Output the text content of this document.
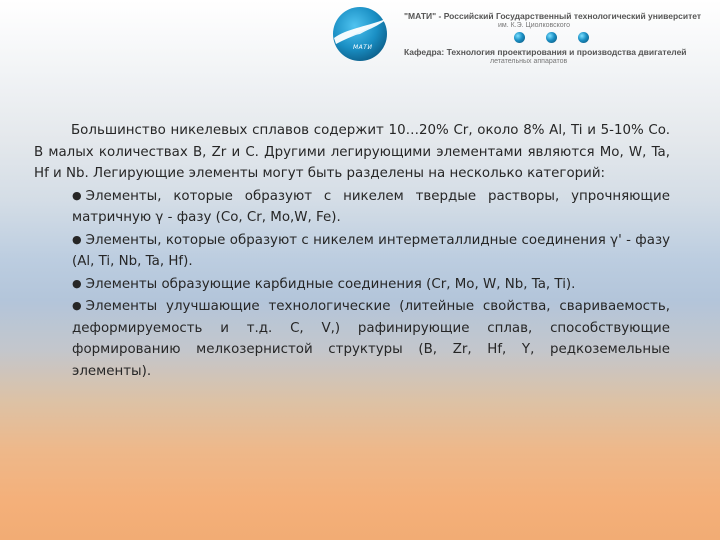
МАТИ
"МАТИ" - Российский Государственный технологический университет
им. К.Э. Циолковского
Кафедра: Технология проектирования и производства двигателей
летательных аппаратов

Большинство никелевых сплавов содержит 10…20% Cr, около 8% Al, Ti и 5-10% Co. В малых количествах B, Zr и C. Другими легирующими элементами являются Mo, W, Ta, Hf и Nb. Легирующие элементы могут быть разделены на несколько категорий:

● Элементы, которые образуют с никелем твердые растворы, упрочняющие матричную γ - фазу (Co, Cr, Mo,W, Fe).

● Элементы, которые образуют с никелем интерметаллидные соединения γ' - фазу (Al, Ti, Nb, Ta, Hf).

● Элементы образующие карбидные соединения (Cr, Mo, W, Nb, Ta, Ti).

● Элементы улучшающие технологические (литейные свойства, свариваемость, деформируемость и т.д. C, V,) рафинирующие сплав, способствующие формированию мелкозернистой структуры (B, Zr, Hf, Y, редкоземельные элементы).
